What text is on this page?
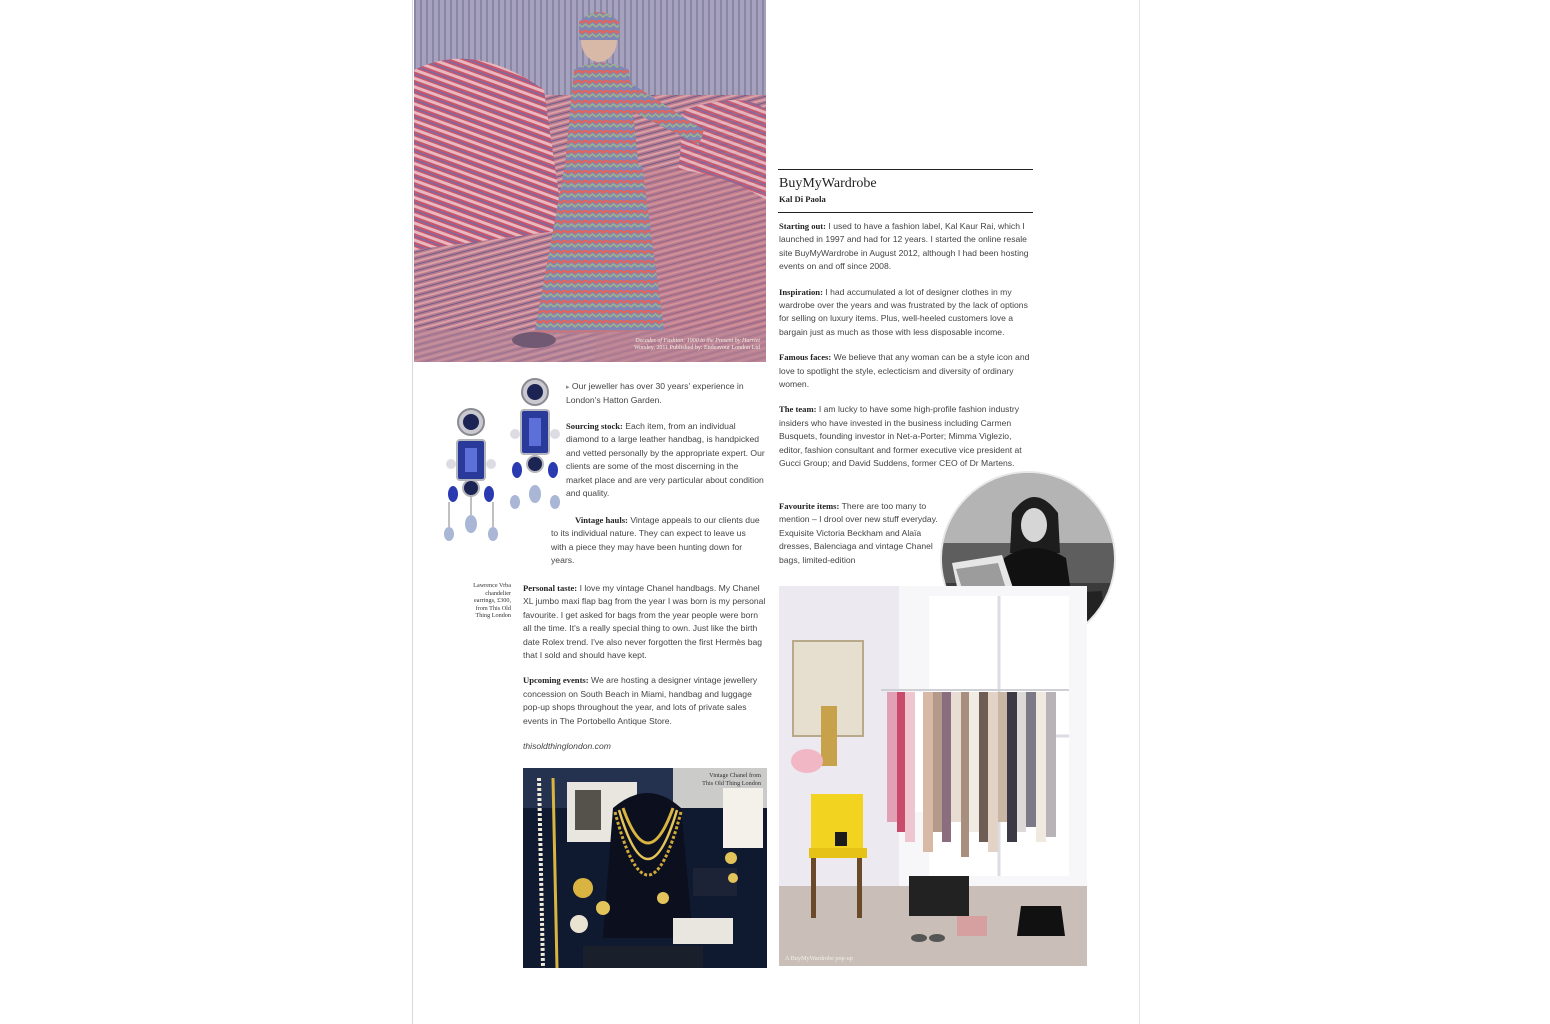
Decades of Fashion: 1900 to the Present by Harriet
Worsley, 2011 Published by: Endeavour London Ltd
BuyMyWardrobe
Kal Di Paola

Starting out: I used to have a fashion label, Kal Kaur Rai, which I launched in 1997 and had for 12 years. I started the online resale site BuyMyWardrobe in August 2012, although I had been hosting events on and off since 2008.

Inspiration: I had accumulated a lot of designer clothes in my wardrobe over the years and was frustrated by the lack of options for selling on luxury items. Plus, well-heeled customers love a bargain just as much as those with less disposable income.

Famous faces: We believe that any woman can be a style icon and love to spotlight the style, eclecticism and diversity of ordinary women.

The team: I am lucky to have some high-profile fashion industry insiders who have invested in the business including Carmen Busquets, founding investor in Net-a-Porter; Mimma Viglezio, editor, fashion consultant and former executive vice president at Gucci Group; and David Suddens, former CEO of Dr Martens.

Favourite items: There are too many to mention – I drool over new stuff everyday. Exquisite Victoria Beckham and Alaïa dresses, Balenciaga and vintage Chanel bags, limited-edition

A BuyMyWardrobe pop-up
Lawrence Vrba
chandelier
earrings, £300,
from This Old
Thing London

▸ Our jeweller has over 30 years' experience in London's Hatton Garden.

Sourcing stock: Each item, from an individual diamond to a large leather handbag, is handpicked and vetted personally by the appropriate expert. Our clients are some of the most discerning in the market place and are very particular about condition and quality.

Vintage hauls: Vintage appeals to our clients due to its individual nature. They can expect to leave us with a piece they may have been hunting down for years.

Personal taste: I love my vintage Chanel handbags. My Chanel XL jumbo maxi flap bag from the year I was born is my personal favourite. I get asked for bags from the year people were born all the time. It's a really special thing to own. Just like the birth date Rolex trend. I've also never forgotten the first Hermès bag that I sold and should have kept.

Upcoming events: We are hosting a designer vintage jewellery concession on South Beach in Miami, handbag and luggage pop-up shops throughout the year, and lots of private sales events in The Portobello Antique Store.

thisoldthinglondon.com

Vintage Chanel from
This Old Thing London
